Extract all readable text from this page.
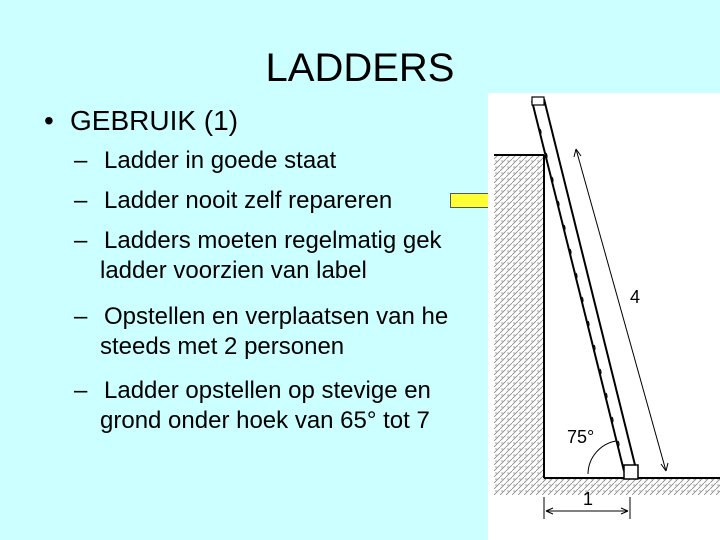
LADDERS
• GEBRUIK (1)
– Ladder in goede staat
– Ladder nooit zelf repareren
– Ladders moeten regelmatig gek
ladder voorzien van label
– Opstellen en verplaatsen van he
steeds met 2 personen
– Ladder opstellen op stevige en
grond onder hoek van 65° tot 7
4
75°
1
